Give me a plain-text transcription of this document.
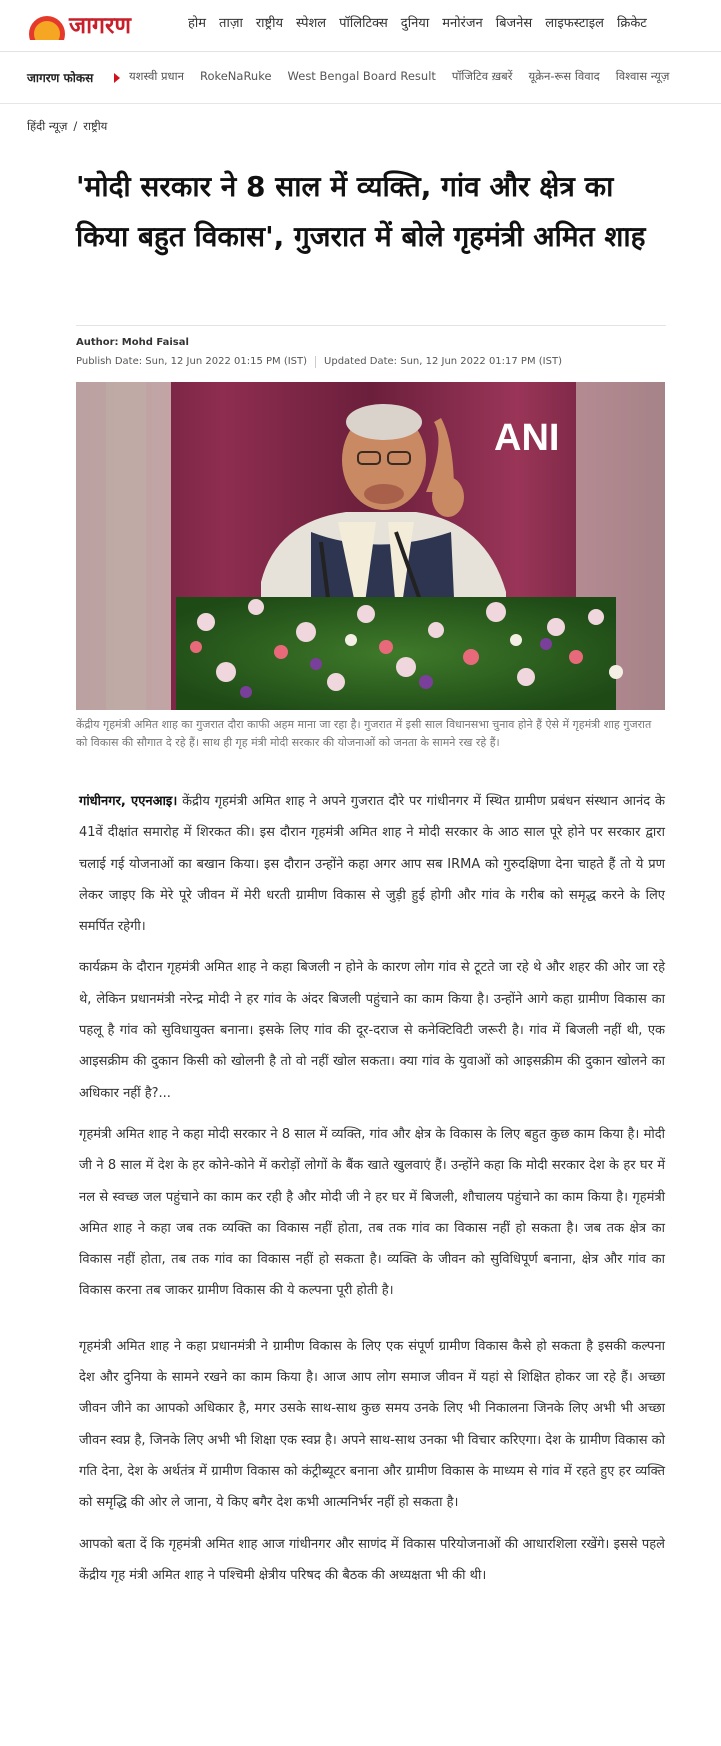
जागरण	होम ताज़ा राष्ट्रीय स्पेशल पॉलिटिक्स दुनिया मनोरंजन बिजनेस लाइफस्टाइल क्रिकेट
जागरण फोकस	यशस्वी प्रधान RokeNaRuke West Bengal Board Result पॉजिटिव ख़बरें यूक्रेन-रूस विवाद विश्वास न्यूज़
हिंदी न्यूज़ / राष्ट्रीय
'मोदी सरकार ने 8 साल में व्यक्ति, गांव और क्षेत्र का किया बहुत विकास', गुजरात में बोले गृहमंत्री अमित शाह
Author: Mohd Faisal
Publish Date: Sun, 12 Jun 2022 01:15 PM (IST) Updated Date: Sun, 12 Jun 2022 01:17 PM (IST)
ANI

केंद्रीय गृहमंत्री अमित शाह का गुजरात दौरा काफी अहम माना जा रहा है। गुजरात में इसी साल विधानसभा चुनाव होने हैं ऐसे में गृहमंत्री शाह गुजरात को विकास की सौगात दे रहे हैं। साथ ही गृह मंत्री मोदी सरकार की योजनाओं को जनता के सामने रख रहे हैं।

गांधीनगर, एएनआइ। केंद्रीय गृहमंत्री अमित शाह ने अपने गुजरात दौरे पर गांधीनगर में स्थित ग्रामीण प्रबंधन संस्थान आनंद के 41वें दीक्षांत समारोह में शिरकत की। इस दौरान गृहमंत्री अमित शाह ने मोदी सरकार के आठ साल पूरे होने पर सरकार द्वारा चलाई गई योजनाओं का बखान किया। इस दौरान उन्होंने कहा अगर आप सब IRMA को गुरुदक्षिणा देना चाहते हैं तो ये प्रण लेकर जाइए कि मेरे पूरे जीवन में मेरी धरती ग्रामीण विकास से जुड़ी हुई होगी और गांव के गरीब को समृद्ध करने के लिए समर्पित रहेगी।

कार्यक्रम के दौरान गृहमंत्री अमित शाह ने कहा बिजली न होने के कारण लोग गांव से टूटते जा रहे थे और शहर की ओर जा रहे थे, लेकिन प्रधानमंत्री नरेन्द्र मोदी ने हर गांव के अंदर बिजली पहुंचाने का काम किया है। उन्होंने आगे कहा ग्रामीण विकास का पहलू है गांव को सुविधायुक्त बनाना। इसके लिए गांव की दूर-दराज से कनेक्टिविटी जरूरी है। गांव में बिजली नहीं थी, एक आइसक्रीम की दुकान किसी को खोलनी है तो वो नहीं खोल सकता। क्या गांव के युवाओं को आइसक्रीम की दुकान खोलने का अधिकार नहीं है?...

गृहमंत्री अमित शाह ने कहा मोदी सरकार ने 8 साल में व्यक्ति, गांव और क्षेत्र के विकास के लिए बहुत कुछ काम किया है। मोदी जी ने 8 साल में देश के हर कोने-कोने में करोड़ों लोगों के बैंक खाते खुलवाएं हैं। उन्होंने कहा कि मोदी सरकार देश के हर घर में नल से स्वच्छ जल पहुंचाने का काम कर रही है और मोदी जी ने हर घर में बिजली, शौचालय पहुंचाने का काम किया है। गृहमंत्री अमित शाह ने कहा जब तक व्यक्ति का विकास नहीं होता, तब तक गांव का विकास नहीं हो सकता है। जब तक क्षेत्र का विकास नहीं होता, तब तक गांव का विकास नहीं हो सकता है। व्यक्ति के जीवन को सुविधिपूर्ण बनाना, क्षेत्र और गांव का विकास करना तब जाकर ग्रामीण विकास की ये कल्पना पूरी होती है।

गृहमंत्री अमित शाह ने कहा प्रधानमंत्री ने ग्रामीण विकास के लिए एक संपूर्ण ग्रामीण विकास कैसे हो सकता है इसकी कल्पना देश और दुनिया के सामने रखने का काम किया है। आज आप लोग समाज जीवन में यहां से शिक्षित होकर जा रहे हैं। अच्छा जीवन जीने का आपको अधिकार है, मगर उसके साथ-साथ कुछ समय उनके लिए भी निकालना जिनके लिए अभी भी अच्छा जीवन स्वप्न है, जिनके लिए अभी भी शिक्षा एक स्वप्न है। अपने साथ-साथ उनका भी विचार करिएगा। देश के ग्रामीण विकास को गति देना, देश के अर्थतंत्र में ग्रामीण विकास को कंट्रीब्यूटर बनाना और ग्रामीण विकास के माध्यम से गांव में रहते हुए हर व्यक्ति को समृद्धि की ओर ले जाना, ये किए बगैर देश कभी आत्मनिर्भर नहीं हो सकता है।

आपको बता दें कि गृहमंत्री अमित शाह आज गांधीनगर और साणंद में विकास परियोजनाओं की आधारशिला रखेंगे। इससे पहले केंद्रीय गृह मंत्री अमित शाह ने पश्चिमी क्षेत्रीय परिषद की बैठक की अध्यक्षता भी की थी।
